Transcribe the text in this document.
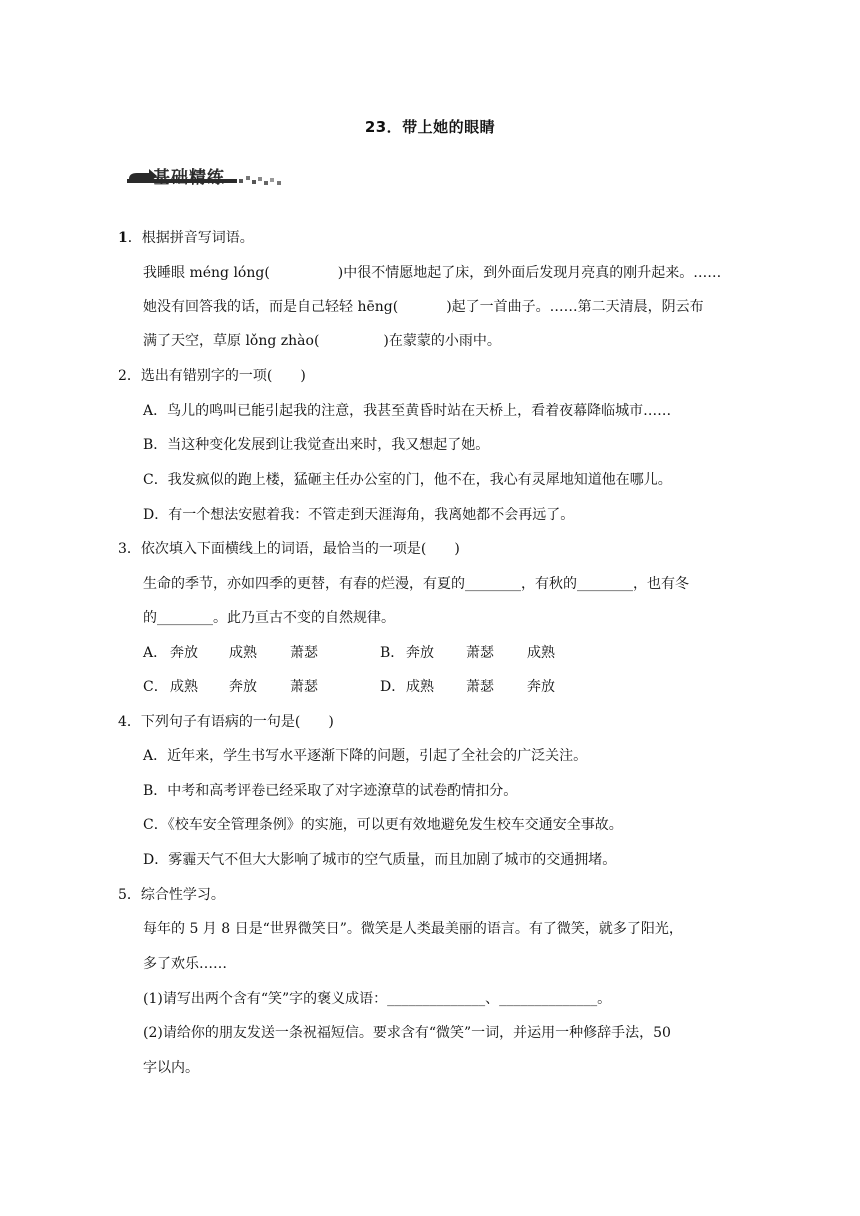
23．带上她的眼睛
基础精练
1．根据拼音写词语。
我睡眼 méng lóng(	)中很不情愿地起了床，到外面后发现月亮真的刚升起来。……
她没有回答我的话，而是自己轻轻 hēng(	)起了一首曲子。……第二天清晨，阴云布
满了天空，草原 lǒng zhào(	)在蒙蒙的小雨中。
2．选出有错别字的一项(　　)
A．鸟儿的鸣叫已能引起我的注意，我甚至黄昏时站在天桥上，看着夜幕降临城市……
B．当这种变化发展到让我觉查出来时，我又想起了她。
C．我发疯似的跑上楼，猛砸主任办公室的门，他不在，我心有灵犀地知道他在哪儿。
D．有一个想法安慰着我：不管走到天涯海角，我离她都不会再远了。
3．依次填入下面横线上的词语，最恰当的一项是(　　)
生命的季节，亦如四季的更替，有春的烂漫，有夏的________，有秋的________，也有冬
的________。此乃亘古不变的自然规律。
A． 奔放 成熟 萧瑟	B． 奔放 萧瑟 成熟
C． 成熟 奔放 萧瑟	D． 成熟 萧瑟 奔放
4．下列句子有语病的一句是(　　)
A．近年来，学生书写水平逐渐下降的问题，引起了全社会的广泛关注。
B．中考和高考评卷已经采取了对字迹潦草的试卷酌情扣分。
C．《校车安全管理条例》的实施，可以更有效地避免发生校车交通安全事故。
D．雾霾天气不但大大影响了城市的空气质量，而且加剧了城市的交通拥堵。
5．综合性学习。
每年的 5 月 8 日是“世界微笑日”。微笑是人类最美丽的语言。有了微笑，就多了阳光，
多了欢乐……
(1)请写出两个含有“笑”字的褒义成语：______________、______________。
(2)请给你的朋友发送一条祝福短信。要求含有“微笑”一词，并运用一种修辞手法，50
字以内。
